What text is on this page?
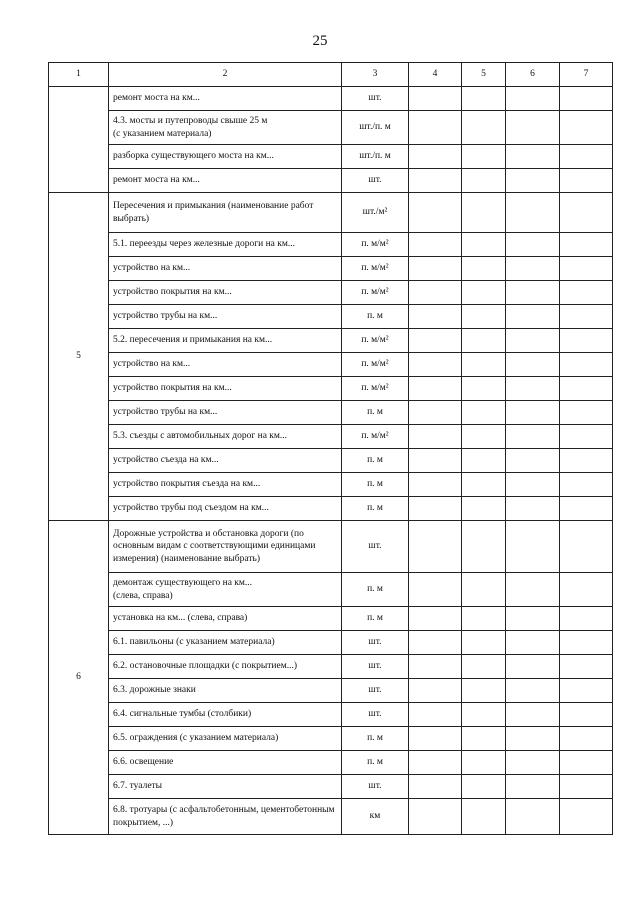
25
1	2	3	4	5	6	7
	ремонт моста на км...	шт.				
	4.3. мосты и путепроводы свыше 25 м
(с указанием материала)	шт./п. м				
	разборка существующего моста на км...	шт./п. м				
	ремонт моста на км...	шт.				
5	Пересечения и примыкания (наименование работ выбрать)	шт./м²				
	5.1. переезды через железные дороги на км...	п. м/м²				
	устройство на км...	п. м/м²				
	устройство покрытия на км...	п. м/м²				
	устройство трубы на км...	п. м				
	5.2. пересечения и примыкания на км...	п. м/м²				
	устройство на км...	п. м/м²				
	устройство покрытия на км...	п. м/м²				
	устройство трубы на км...	п. м				
	5.3. съезды с автомобильных дорог на км...	п. м/м²				
	устройство съезда на км...	п. м				
	устройство покрытия съезда на км...	п. м				
	устройство трубы под съездом на км...	п. м				
6	Дорожные устройства и обстановка дороги (по основным видам с соответствующими единицами измерения) (наименование выбрать)	шт.				
	демонтаж существующего на км...
(слева, справа)	п. м				
	установка на км... (слева, справа)	п. м				
	6.1. павильоны (с указанием материала)	шт.				
	6.2. остановочные площадки (с покрытием...)	шт.				
	6.3. дорожные знаки	шт.				
	6.4. сигнальные тумбы (столбики)	шт.				
	6.5. ограждения (с указанием материала)	п. м				
	6.6. освещение	п. м				
	6.7. туалеты	шт.				
	6.8. тротуары (с асфальтобетонным, цементобетонным покрытием, ...)	км				
